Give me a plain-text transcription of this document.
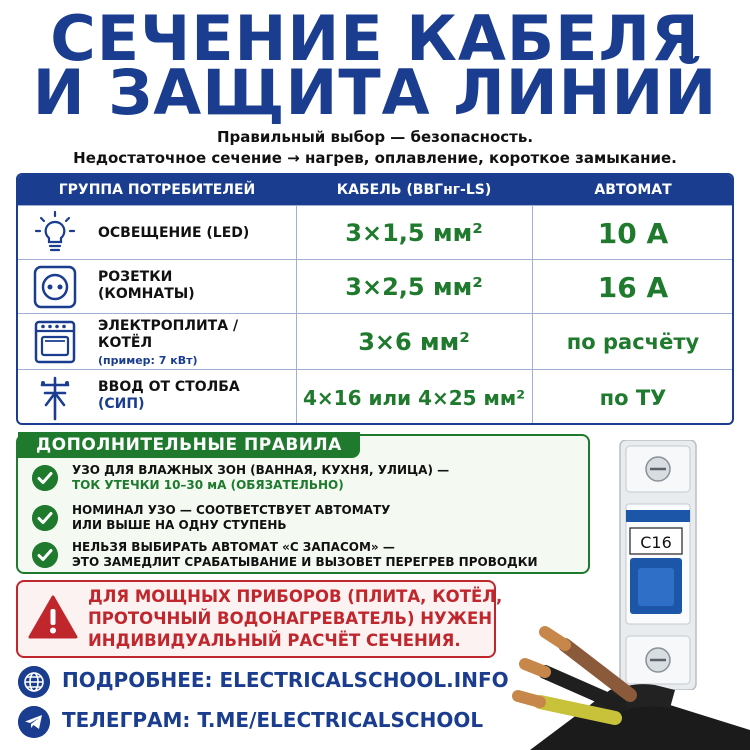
СЕЧЕНИЕ КАБЕЛЯ
И ЗАЩИТА ЛИНИЙ
Правильный выбор — безопасность.
Недостаточное сечение → нагрев, оплавление, короткое замыкание.
ГРУППА ПОТРЕБИТЕЛЕЙ	КАБЕЛЬ (ВВГнг-LS)	АВТОМАТ
ОСВЕЩЕНИЕ (LED)	3×1,5 мм²	10 А
РОЗЕТКИ
(КОМНАТЫ)	3×2,5 мм²	16 А
ЭЛЕКТРОПЛИТА /
КОТЁЛ
(пример: 7 кВт)
3×6 мм²	по расчёту
ВВОД ОТ СТОЛБА
(СИП)	4×16 или 4×25 мм²	по ТУ
ДОПОЛНИТЕЛЬНЫЕ ПРАВИЛА
УЗО ДЛЯ ВЛАЖНЫХ ЗОН (ВАННАЯ, КУХНЯ, УЛИЦА) —
ТОК УТЕЧКИ 10–30 мА (ОБЯЗАТЕЛЬНО)
НОМИНАЛ УЗО — СООТВЕТСТВУЕТ АВТОМАТУ
ИЛИ ВЫШЕ НА ОДНУ СТУПЕНЬ
НЕЛЬЗЯ ВЫБИРАТЬ АВТОМАТ «С ЗАПАСОМ» —
ЭТО ЗАМЕДЛИТ СРАБАТЫВАНИЕ И ВЫЗОВЕТ ПЕРЕГРЕВ ПРОВОДКИ
C16
ДЛЯ МОЩНЫХ ПРИБОРОВ (ПЛИТА, КОТЁЛ,
ПРОТОЧНЫЙ ВОДОНАГРЕВАТЕЛЬ) НУЖЕН
ИНДИВИДУАЛЬНЫЙ РАСЧЁТ СЕЧЕНИЯ.
ПОДРОБНЕЕ: ELECTRICALSCHOOL.INFO
ТЕЛЕГРАМ: T.ME/ELECTRICALSCHOOL
